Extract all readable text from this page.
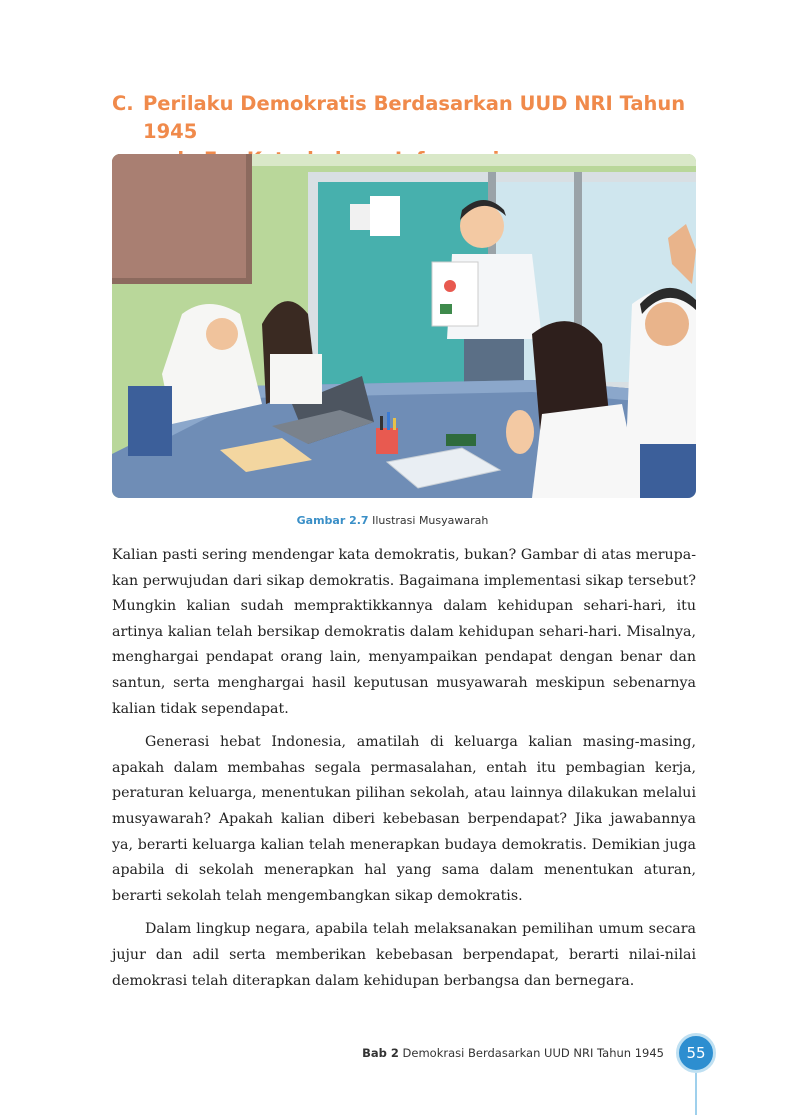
C. Perilaku Demokratis Berdasarkan UUD NRI Tahun 1945
Gambar 2.7 Ilustrasi Musyawarah

Kalian pasti sering mendengar kata demokratis, bukan? Gambar di atas merupa-kan perwujudan dari sikap demokratis. Bagaimana implementasi sikap tersebut? Mungkin kalian sudah mempraktikkannya dalam kehidupan sehari-hari, itu artinya kalian telah bersikap demokratis dalam kehidupan sehari-hari. Misalnya, menghargai pendapat orang lain, menyampaikan pendapat dengan benar dan santun, serta menghargai hasil keputusan musyawarah meskipun sebenarnya kalian tidak sependapat.

Generasi hebat Indonesia, amatilah di keluarga kalian masing-masing, apakah dalam membahas segala permasalahan, entah itu pembagian kerja, peraturan keluarga, menentukan pilihan sekolah, atau lainnya dilakukan melalui musyawarah? Apakah kalian diberi kebebasan berpendapat? Jika jawabannya ya, berarti keluarga kalian telah menerapkan budaya demokratis. Demikian juga apabila di sekolah menerapkan hal yang sama dalam menentukan aturan, berarti sekolah telah mengembangkan sikap demokratis.

Dalam lingkup negara, apabila telah melaksanakan pemilihan umum secara jujur dan adil serta memberikan kebebasan berpendapat, berarti nilai-nilai demokrasi telah diterapkan dalam kehidupan berbangsa dan bernegara.

Bab 2 Demokrasi Berdasarkan UUD NRI Tahun 1945	55
